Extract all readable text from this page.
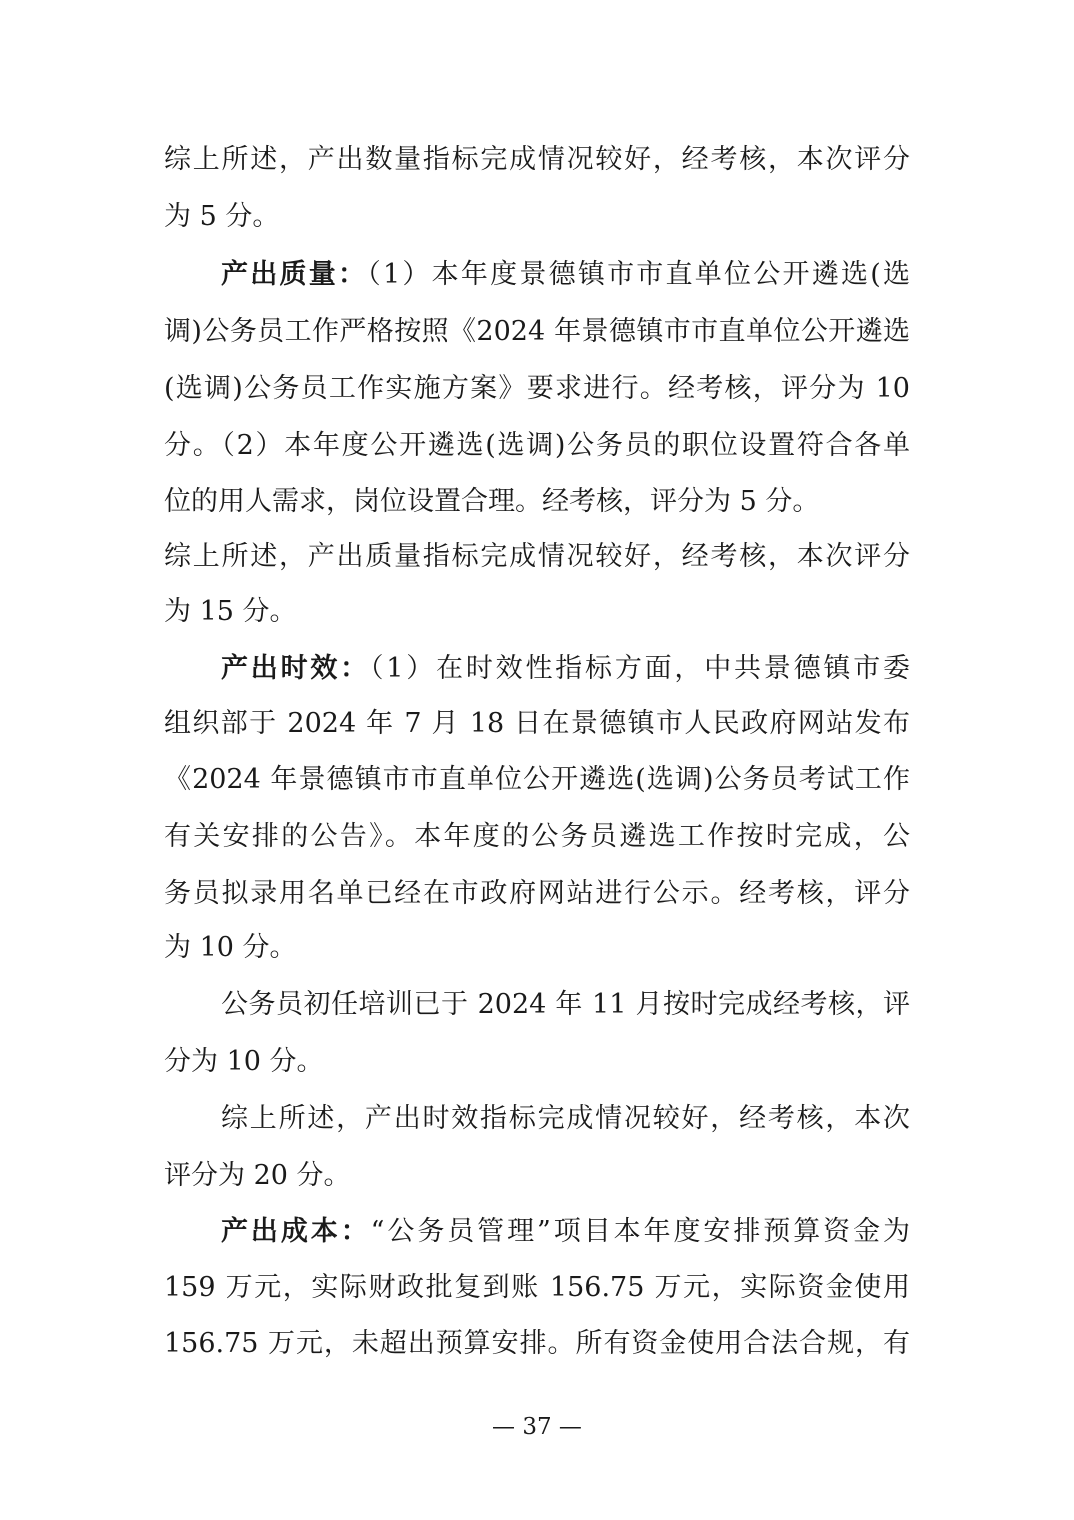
综上所述，产出数量指标完成情况较好，经考核，本次评分
为 5 分。
产出质量：（1）本年度景德镇市市直单位公开遴选(选
调)公务员工作严格按照《2024 年景德镇市市直单位公开遴选
(选调)公务员工作实施方案》要求进行。经考核，评分为 10
分。（2）本年度公开遴选(选调)公务员的职位设置符合各单
位的用人需求，岗位设置合理。经考核，评分为 5 分。
综上所述，产出质量指标完成情况较好，经考核，本次评分
为 15 分。
产出时效：（1）在时效性指标方面，中共景德镇市委
组织部于 2024 年 7 月 18 日在景德镇市人民政府网站发布
《2024 年景德镇市市直单位公开遴选(选调)公务员考试工作
有关安排的公告》。本年度的公务员遴选工作按时完成，公
务员拟录用名单已经在市政府网站进行公示。经考核，评分
为 10 分。
公务员初任培训已于 2024 年 11 月按时完成经考核，评
分为 10 分。
综上所述，产出时效指标完成情况较好，经考核，本次
评分为 20 分。
产出成本：“公务员管理”项目本年度安排预算资金为
159 万元，实际财政批复到账 156.75 万元，实际资金使用
156.75 万元，未超出预算安排。所有资金使用合法合规，有
— 37 —
